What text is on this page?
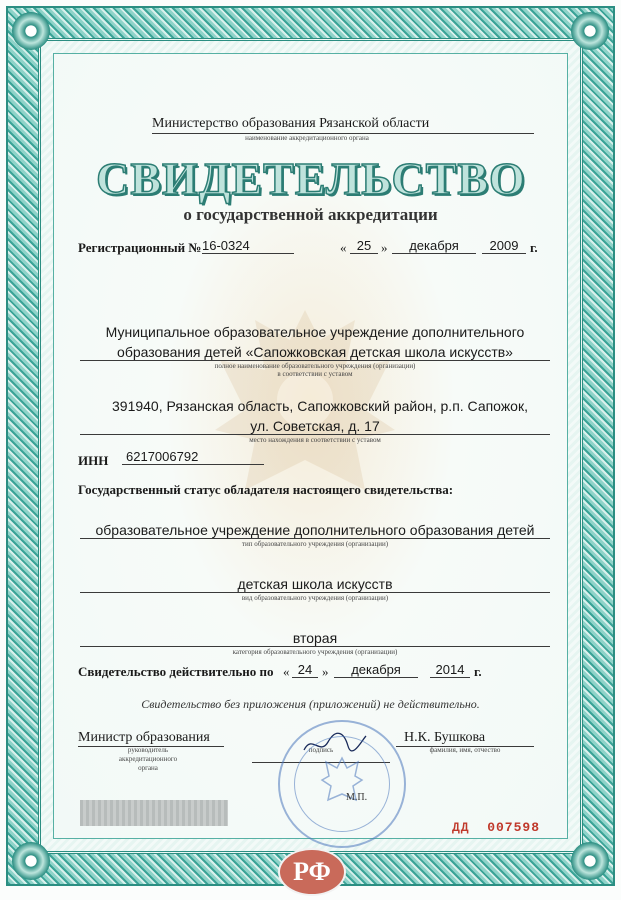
Министерство образования Рязанской области
наименование аккредитационного органа
СВИДЕТЕЛЬСТВО
о государственной аккредитации
Регистрационный № 16-0324	« 25 »	декабря	2009 г.
Муниципальное образовательное учреждение дополнительного
образования детей «Сапожковская детская школа искусств»
полное наименование образовательного учреждения (организации)
в соответствии с уставом
391940, Рязанская область, Сапожковский район, р.п. Сапожок,
ул. Советская, д. 17
место нахождения в соответствии с уставом
ИНН	6217006792
Государственный статус обладателя настоящего свидетельства:
образовательное учреждение дополнительного образования детей
тип образовательного учреждения (организации)
детская школа искусств
вид образовательного учреждения (организации)
вторая
категория образовательного учреждения (организации)
Свидетельство действительно по « 24 »	декабря	2014 г.
Свидетельство без приложения (приложений) не действительно.
Министр образования
руководитель
аккредитационного
органа

подпись
Н.К. Бушкова
фамилия, имя, отчество
М.П.
ДД  007598
РФ
